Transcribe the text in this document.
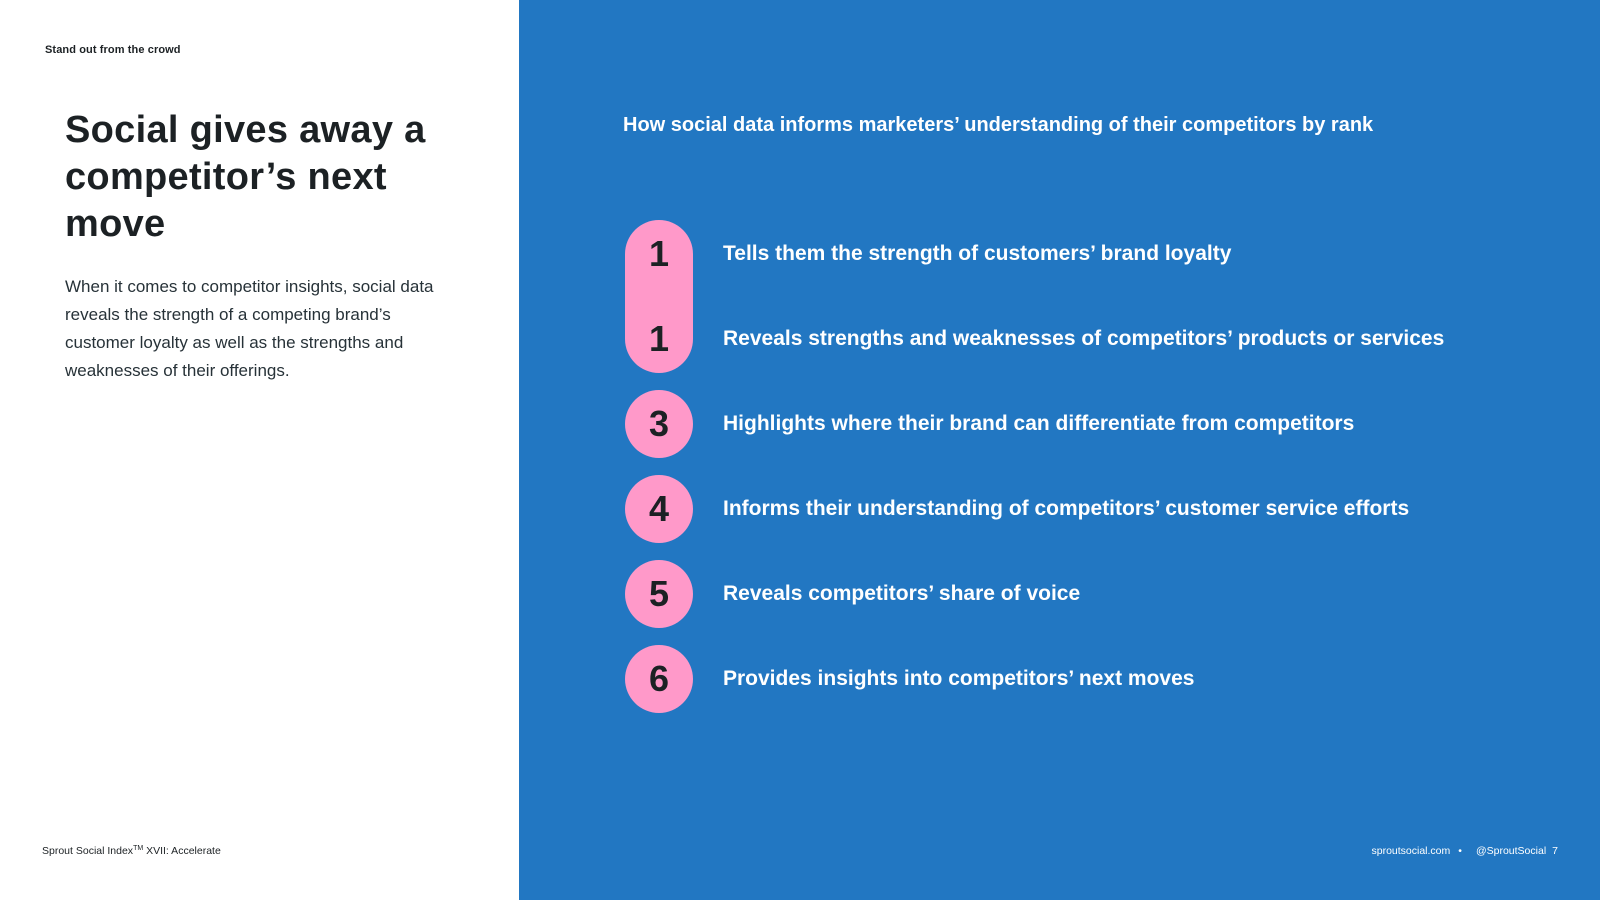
Stand out from the crowd
Social gives away a competitor’s next move

When it comes to competitor insights, social data reveals the strength of a competing brand’s customer loyalty as well as the strengths and weaknesses of their offerings.

Sprout Social Index™ XVII: Accelerate
How social data informs marketers’ understanding of their competitors by rank
1	Tells them the strength of customers’ brand loyalty
1	Reveals strengths and weaknesses of competitors’ products or services
3	Highlights where their brand can differentiate from competitors
4	Informs their understanding of competitors’ customer service efforts
5	Reveals competitors’ share of voice
6	Provides insights into competitors’ next moves
sproutsocial.com • @SproutSocial 7
